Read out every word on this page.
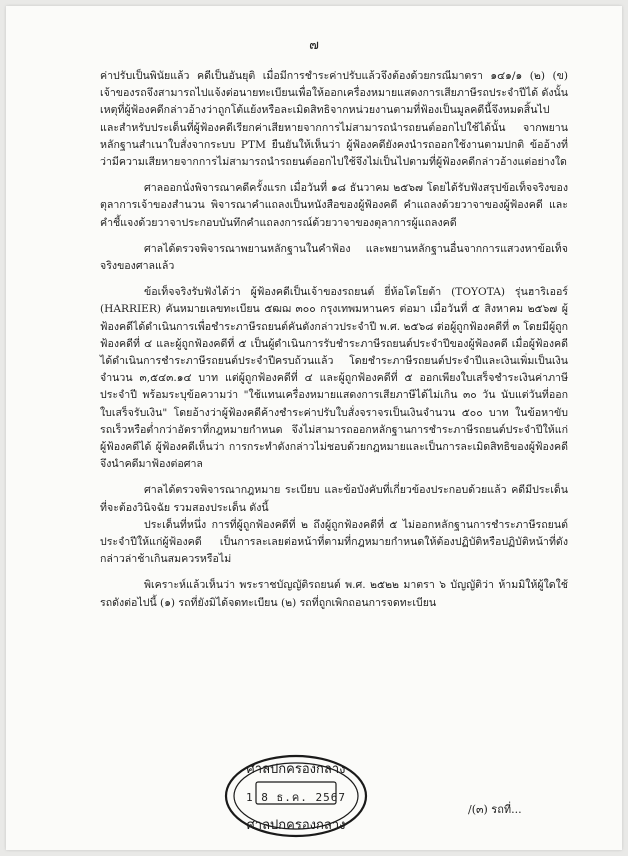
๗

ค่าปรับเป็นพินัยแล้ว คดีเป็นอันยุติ เมื่อมีการชำระค่าปรับแล้วจึงต้องด้วยกรณีมาตรา ๑๔๑/๑ (๒) (ข) เจ้าของรถจึงสามารถไปแจ้งต่อนายทะเบียนเพื่อให้ออกเครื่องหมายแสดงการเสียภาษีรถประจำปีได้ ดังนั้น เหตุที่ผู้ฟ้องคดีกล่าวอ้างว่าถูกโต้แย้งหรือละเมิดสิทธิจากหน่วยงานตามที่ฟ้องเป็นมูลคดีนี้จึงหมดสิ้นไป และสำหรับประเด็นที่ผู้ฟ้องคดีเรียกค่าเสียหายจากการไม่สามารถนำรถยนต์ออกไปใช้ได้นั้น จากพยานหลักฐานสำเนาใบสั่งจากระบบ PTM ยืนยันให้เห็นว่า ผู้ฟ้องคดียังคงนำรถออกใช้งานตามปกติ ข้ออ้างที่ว่ามีความเสียหายจากการไม่สามารถนำรถยนต์ออกไปใช้จึงไม่เป็นไปตามที่ผู้ฟ้องคดีกล่าวอ้างแต่อย่างใด

ศาลออกนั่งพิจารณาคดีครั้งแรก เมื่อวันที่ ๑๘ ธันวาคม ๒๕๖๗ โดยได้รับฟังสรุปข้อเท็จจริงของตุลาการเจ้าของสำนวน พิจารณาคำแถลงเป็นหนังสือของผู้ฟ้องคดี คำแถลงด้วยวาจาของผู้ฟ้องคดี และคำชี้แจงด้วยวาจาประกอบบันทึกคำแถลงการณ์ด้วยวาจาของตุลาการผู้แถลงคดี

ศาลได้ตรวจพิจารณาพยานหลักฐานในคำฟ้อง และพยานหลักฐานอื่นจากการแสวงหาข้อเท็จจริงของศาลแล้ว

ข้อเท็จจริงรับฟังได้ว่า ผู้ฟ้องคดีเป็นเจ้าของรถยนต์ ยี่ห้อโตโยต้า (TOYOTA) รุ่นฮาริเออร์ (HARRIER) คันหมายเลขทะเบียน ๕ฒฌ ๓๐๐ กรุงเทพมหานคร ต่อมา เมื่อวันที่ ๕ สิงหาคม ๒๕๖๗ ผู้ฟ้องคดีได้ดำเนินการเพื่อชำระภาษีรถยนต์คันดังกล่าวประจำปี พ.ศ. ๒๕๖๘ ต่อผู้ถูกฟ้องคดีที่ ๓ โดยมีผู้ถูกฟ้องคดีที่ ๔ และผู้ถูกฟ้องคดีที่ ๕ เป็นผู้ดำเนินการรับชำระภาษีรถยนต์ประจำปีของผู้ฟ้องคดี เมื่อผู้ฟ้องคดีได้ดำเนินการชำระภาษีรถยนต์ประจำปีครบถ้วนแล้ว โดยชำระภาษีรถยนต์ประจำปีและเงินเพิ่มเป็นเงินจำนวน ๓,๕๔๓.๑๔ บาท แต่ผู้ถูกฟ้องคดีที่ ๔ และผู้ถูกฟ้องคดีที่ ๕ ออกเพียงใบเสร็จชำระเงินค่าภาษีประจำปี พร้อมระบุข้อความว่า "ใช้แทนเครื่องหมายแสดงการเสียภาษีได้ไม่เกิน ๓๐ วัน นับแต่วันที่ออกใบเสร็จรับเงิน" โดยอ้างว่าผู้ฟ้องคดีค้างชำระค่าปรับใบสั่งจราจรเป็นเงินจำนวน ๕๐๐ บาท ในข้อหาขับรถเร็วหรือต่ำกว่าอัตราที่กฎหมายกำหนด จึงไม่สามารถออกหลักฐานการชำระภาษีรถยนต์ประจำปีให้แก่ผู้ฟ้องคดีได้ ผู้ฟ้องคดีเห็นว่า การกระทำดังกล่าวไม่ชอบด้วยกฎหมายและเป็นการละเมิดสิทธิของผู้ฟ้องคดี จึงนำคดีมาฟ้องต่อศาล

ศาลได้ตรวจพิจารณากฎหมาย ระเบียบ และข้อบังคับที่เกี่ยวข้องประกอบด้วยแล้ว คดีมีประเด็นที่จะต้องวินิจฉัย รวมสองประเด็น ดังนี้

ประเด็นที่หนึ่ง การที่ผู้ถูกฟ้องคดีที่ ๒ ถึงผู้ถูกฟ้องคดีที่ ๕ ไม่ออกหลักฐานการชำระภาษีรถยนต์ประจำปีให้แก่ผู้ฟ้องคดี เป็นการละเลยต่อหน้าที่ตามที่กฎหมายกำหนดให้ต้องปฏิบัติหรือปฏิบัติหน้าที่ดังกล่าวล่าช้าเกินสมควรหรือไม่

พิเคราะห์แล้วเห็นว่า พระราชบัญญัติรถยนต์ พ.ศ. ๒๕๒๒ มาตรา ๖ บัญญัติว่า ห้ามมิให้ผู้ใดใช้รถดังต่อไปนี้ (๑) รถที่ยังมิได้จดทะเบียน (๒) รถที่ถูกเพิกถอนการจดทะเบียน

ศาลปกครองกลาง
1 8 ธ.ค. 2567
ศาลปกครองกลาง
/(๓) รถที่...
